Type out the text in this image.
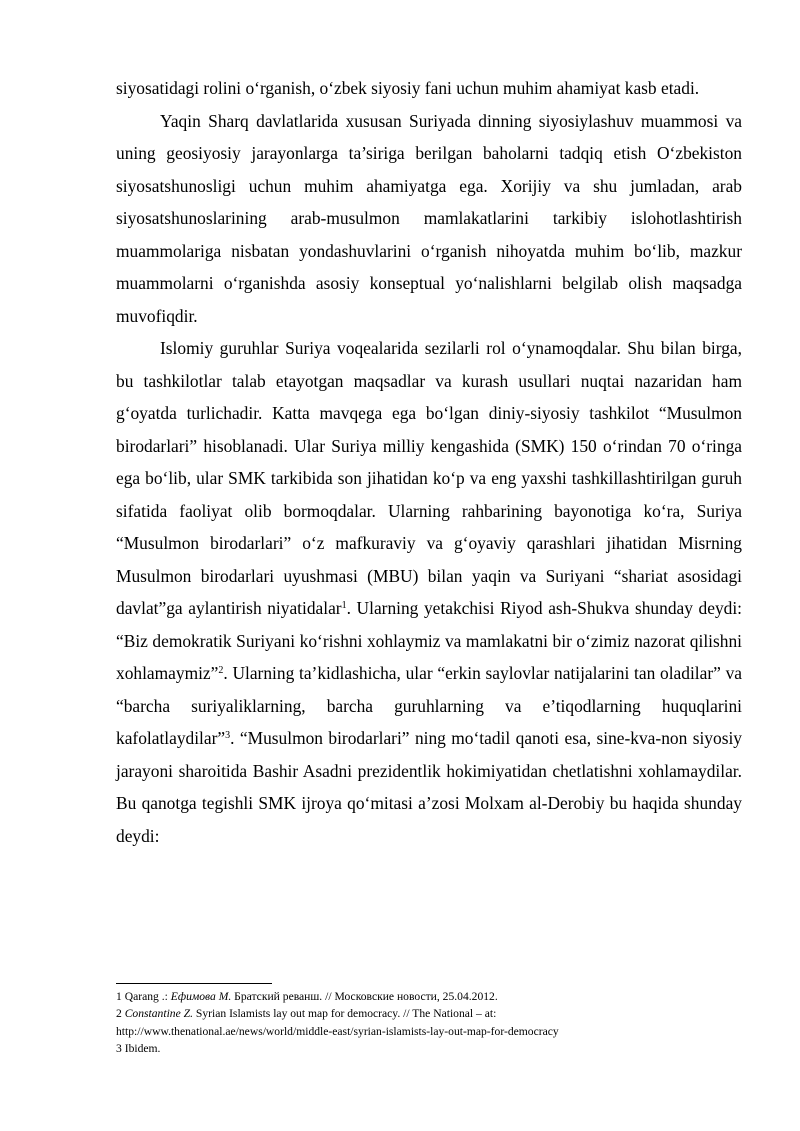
siyosatidagi rolini o‘rganish, o‘zbek siyosiy fani uchun muhim ahamiyat kasb etadi.

Yaqin Sharq davlatlarida xususan Suriyada dinning siyosiylashuv muammosi va uning geosiyosiy jarayonlarga ta’siriga berilgan baholarni tadqiq etish O‘zbekiston siyosatshunosligi uchun muhim ahamiyatga ega. Xorijiy va shu jumladan, arab siyosatshunoslarining arab-musulmon mamlakatlarini tarkibiy islohotlashtirish muammolariga nisbatan yondashuvlarini o‘rganish nihoyatda muhim bo‘lib, mazkur muammolarni o‘rganishda asosiy konseptual yo‘nalishlarni belgilab olish maqsadga muvofiqdir.

Islomiy guruhlar Suriya voqealarida sezilarli rol o‘ynamoqdalar. Shu bilan birga, bu tashkilotlar talab etayotgan maqsadlar va kurash usullari nuqtai nazaridan ham g‘oyatda turlichadir. Katta mavqega ega bo‘lgan diniy-siyosiy tashkilot “Musulmon birodarlari” hisoblanadi. Ular Suriya milliy kengashida (SMK) 150 o‘rindan 70 o‘ringa ega bo‘lib, ular SMK tarkibida son jihatidan ko‘p va eng yaxshi tashkillashtirilgan guruh sifatida faoliyat olib bormoqdalar. Ularning rahbarining bayonotiga ko‘ra, Suriya “Musulmon birodarlari” o‘z mafkuraviy va g‘oyaviy qarashlari jihatidan Misrning Musulmon birodarlari uyushmasi (MBU) bilan yaqin va Suriyani “shariat asosidagi davlat”ga aylantirish niyatidalar$^1$. Ularning yetakchisi Riyod ash-Shukva shunday deydi: “Biz demokratik Suriyani ko‘rishni xohlaymiz va mamlakatni bir o‘zimiz nazorat qilishni xohlamaymiz”$^2$. Ularning ta’kidlashicha, ular “erkin saylovlar natijalarini tan oladilar” va “barcha suriyaliklarning, barcha guruhlarning va e’tiqodlarning huquqlarini kafolatlaydilar”$^3$. “Musulmon birodarlari” ning mo‘tadil qanoti esa, sine-kva-non siyosiy jarayoni sharoitida Bashir Asadni prezidentlik hokimiyatidan chetlatishni xohlamaydilar. Bu qanotga tegishli SMK ijroya qo‘mitasi a’zosi Molxam al-Derobiy bu haqida shunday deydi:

1 Qarang .: Ефимова М. Братский реванш. // Московские новости, 25.04.2012.

2 Constantine Z. Syrian Islamists lay out map for democracy. // The National – at:

http://www.thenational.ae/news/world/middle-east/syrian-islamists-lay-out-map-for-democracy

3 Ibidem.
